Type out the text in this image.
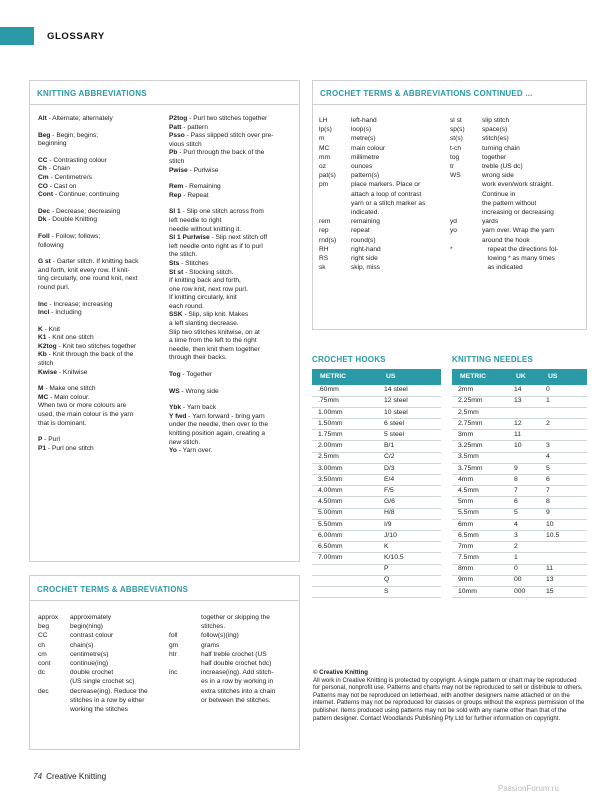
GLOSSARY
KNITTING ABBREVIATIONS
Alt - Alternate; alternately
Beg - Begin; begins;
beginning
CC - Contrasting colour
Ch - Chain
Cm - Centimetre/s
CO - Cast on
Cont - Continue; continuing
Dec - Decrease; decreasing
Dk - Double Knitting
Foll - Follow; follows;
following
G st - Garter stitch. If knitting back
and forth, knit every row. If knit-
ting circularly, one round knit, next
round purl.
Inc - Increase; increasing
Incl - Including
K - Knit
K1 - Knit one stitch
K2tog - Knit two stitches together
Kb - Knit through the back of the
stitch
Kwise - Knitwise
M - Make one stitch
MC - Main colour.
When two or more colours are
used, the main colour is the yarn
that is dominant.
P - Purl
P1 - Purl one stitch
P2tog - Purl two stitches together
Patt - pattern
Psso - Pass slipped stitch over pre-
vious stitch
Pb - Purl through the back of the
stitch
Pwise - Purlwise
Rem - Remaining
Rep - Repeat
Sl 1 - Slip one stitch across from
left needle to right
needle without knitting it.
Sl 1 Purlwise - Slip next stitch off
left needle onto right as if to purl
the stitch.
Sts - Stitches
St st - Stocking stitch.
If knitting back and forth,
one row knit, next row purl.
If knitting circularly, knit
each round.
SSK - Slip, slip knit. Makes
a left slanting decrease.
Slip two stitches knitwise, on at
a time from the left to the right
needle, then knit them together
through their backs.
Tog - Together
WS - Wrong side
Ybk - Yarn back
Y fwd - Yarn forward - bring yarn
under the needle, then over to the
knitting position again, creating a
new stitch.
Yo - Yarn over.
CROCHET TERMS & ABBREVIATIONS
approx	approximately
beg	begin(ning)
CC	contrast colour
ch	chain(s)
cm	centimetre(s)
cont	continue(ing)
dc	double crochet
(US single crochet sc)
dec	decrease(ing). Reduce the
stitches in a row by either
working the stitches
together or skipping the
stitches.
foll	follow(s)(ing)
gm	grams
htr	half treble crochet (US
half double crochet hdc)
inc	increase(ing). Add stitch-
es in a row by working in
extra stitches into a chain
or between the stitches.
CROCHET TERMS & ABBREVIATIONS CONTINUED ...
LH	left-hand
lp(s)	loop(s)
m	metre(s)
MC	main colour
mm	millimetre
oz	ounces
pat(s)	pattern(s)
pm	place markers. Place or
attach a loop of contrast
yarn or a stitch marker as
indicated.
rem	remaining
rep	repeat
rnd(s)	round(s)
RH	right-hand
RS	right side
sk	skip, miss
sl st	slip stitch
sp(s)	space(s)
st(s)	stitch(es)
t-ch	turning chain
tog	together
tr	treble (US dc)
WS	wrong side
work even/work straight.
Continue in
the pattern without
increasing or decreasing
yd	yards
yo	yarn over. Wrap the yarn
around the hook
*	repeat the directions fol-
lowing * as many times
as indicated
CROCHET HOOKS
METRIC	US
.60mm	14 steel
.75mm	12 steel
1.00mm	10 steel
1.50mm	6 steel
1.75mm	5 steel
2.00mm	B/1
2.5mm	C/2
3.00mm	D/3
3.50mm	E/4
4.00mm	F/5
4.50mm	G/6
5.00mm	H/8
5.50mm	I/9
6.00mm	J/10
6.50mm	K
7.00mm	K/10.5
	P
	Q
	S
KNITTING NEEDLES
METRIC	UK	US
2mm	14	0
2.25mm	13	1
2.5mm		
2.75mm	12	2
3mm	11	
3.25mm	10	3
3.5mm		4
3.75mm	9	5
4mm	8	6
4.5mm	7	7
5mm	6	8
5.5mm	5	9
6mm	4	10
6.5mm	3	10.5
7mm	2	
7.5mm	1	
8mm	0	11
9mm	00	13
10mm	000	15
© Creative Knitting
All work in Creative Knitting is protected by copyright. A single pattern or chart may be reproduced for personal, nonprofit use. Patterns and charts may not be reproduced to sell or distribute to others. Patterns may not be reproduced on letterhead, with another designers name attached or on the internet. Patterns may not be reproduced for classes or groups without the express permission of the publisher. Items produced using patterns may not be sold with any name other than that of the pattern designer. Contact Woodlands Publishing Pty Ltd for further information on copyright.
74 Creative Knitting
PassionForum.ru
